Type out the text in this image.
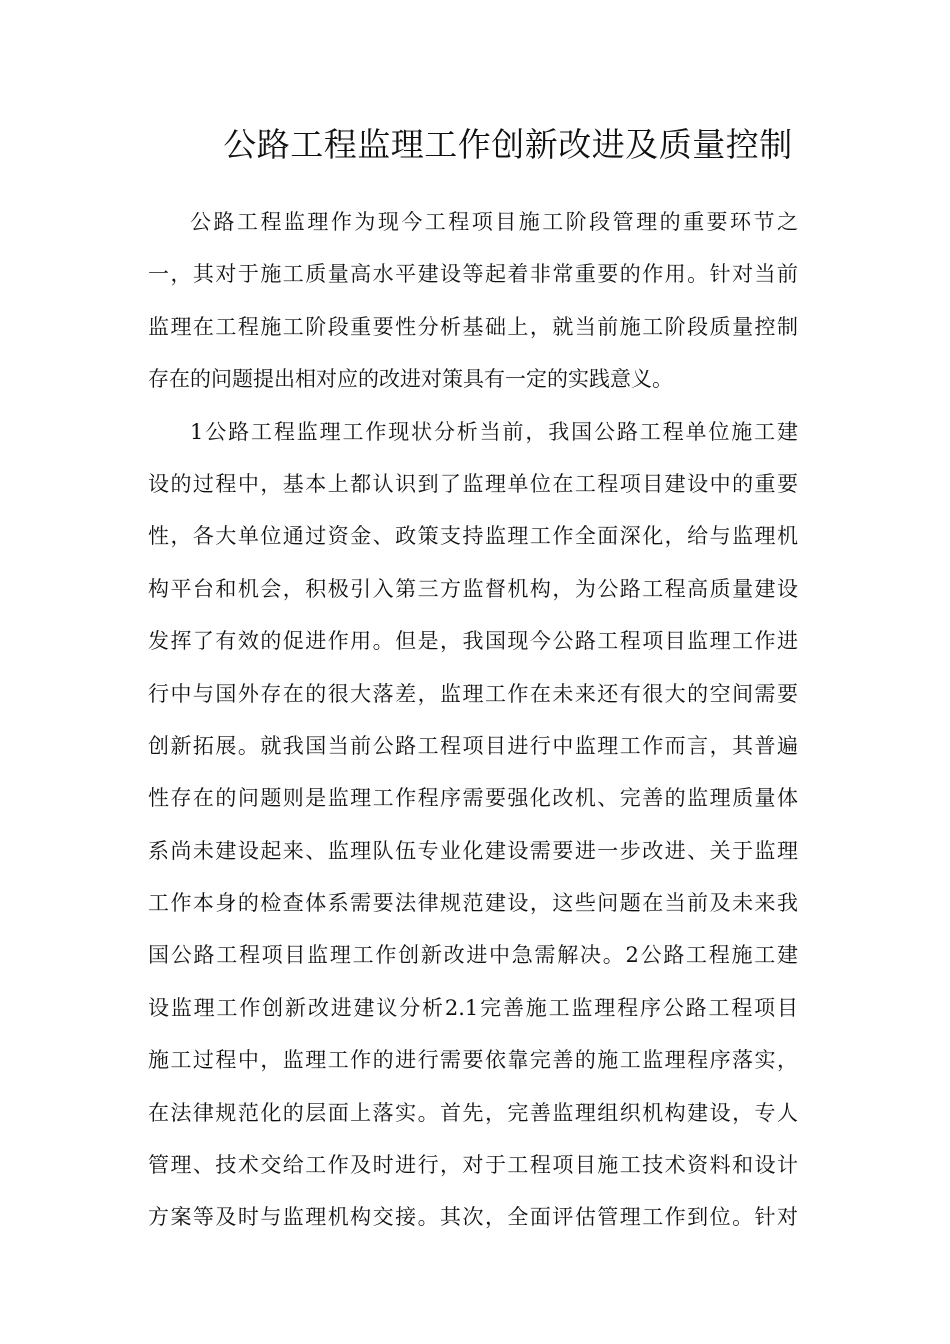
公路工程监理工作创新改进及质量控制
公路工程监理作为现今工程项目施工阶段管理的重要环节之
一，其对于施工质量高水平建设等起着非常重要的作用。针对当前
监理在工程施工阶段重要性分析基础上，就当前施工阶段质量控制
存在的问题提出相对应的改进对策具有一定的实践意义。
1公路工程监理工作现状分析当前，我国公路工程单位施工建
设的过程中，基本上都认识到了监理单位在工程项目建设中的重要
性，各大单位通过资金、政策支持监理工作全面深化，给与监理机
构平台和机会，积极引入第三方监督机构，为公路工程高质量建设
发挥了有效的促进作用。但是，我国现今公路工程项目监理工作进
行中与国外存在的很大落差，监理工作在未来还有很大的空间需要
创新拓展。就我国当前公路工程项目进行中监理工作而言，其普遍
性存在的问题则是监理工作程序需要强化改机、完善的监理质量体
系尚未建设起来、监理队伍专业化建设需要进一步改进、关于监理
工作本身的检查体系需要法律规范建设，这些问题在当前及未来我
国公路工程项目监理工作创新改进中急需解决。2公路工程施工建
设监理工作创新改进建议分析2.1完善施工监理程序公路工程项目
施工过程中，监理工作的进行需要依靠完善的施工监理程序落实，
在法律规范化的层面上落实。首先，完善监理组织机构建设，专人
管理、技术交给工作及时进行，对于工程项目施工技术资料和设计
方案等及时与监理机构交接。其次，全面评估管理工作到位。针对
